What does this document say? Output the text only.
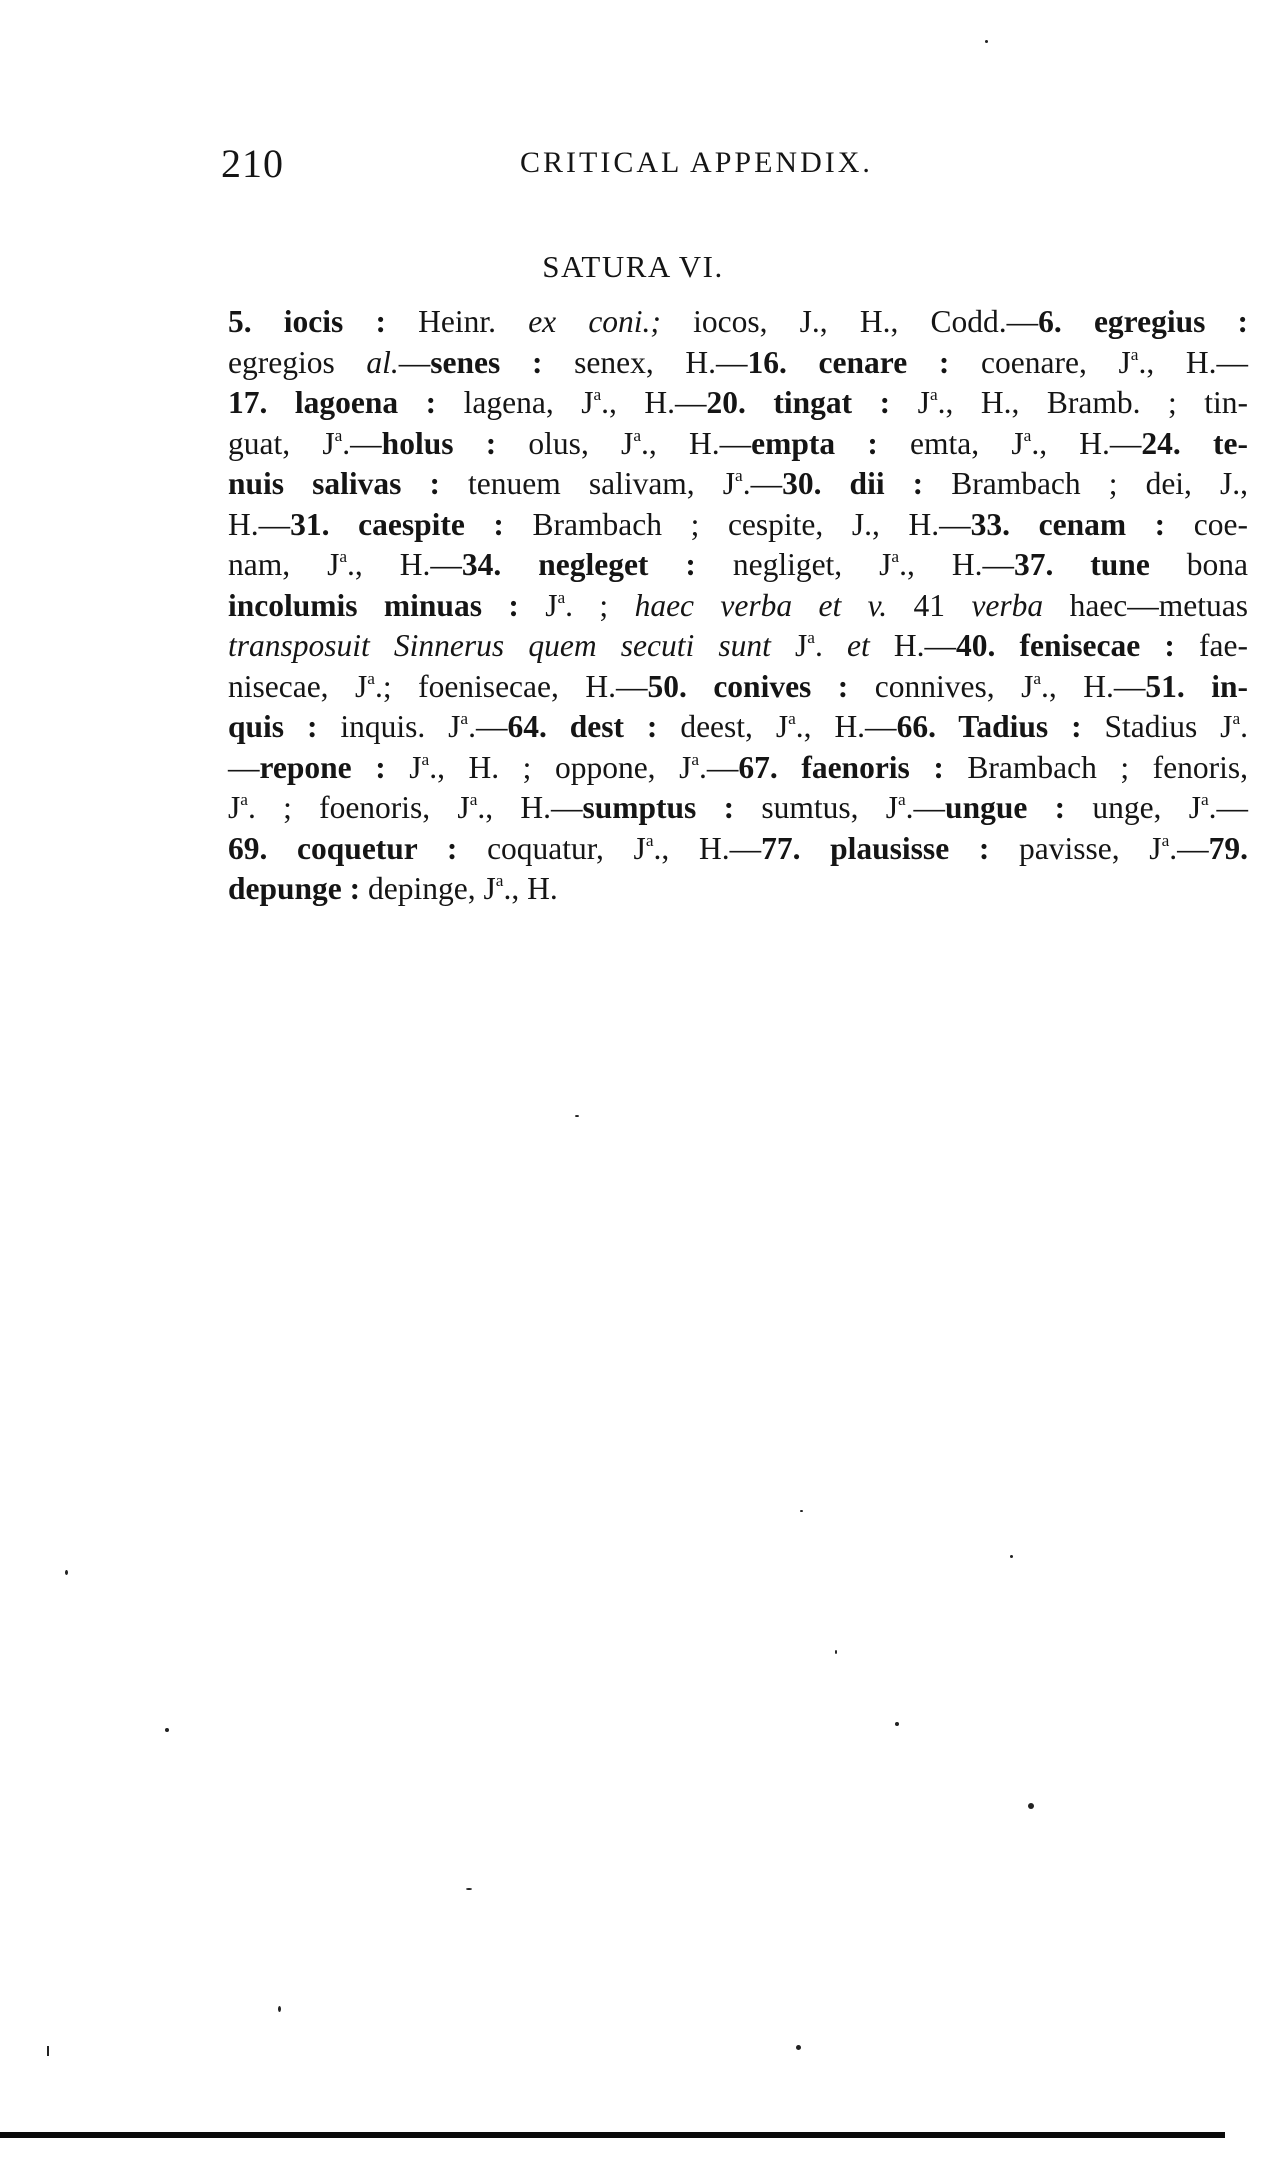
210	CRITICAL APPENDIX.
SATURA VI.
5. iocis : Heinr. ex coni.; iocos, J., H., Codd.—6. egregius :
egregios al.—senes : senex, H.—16. cenare : coenare, $J^a$., H.—
17. lagoena : lagena, $J^a$., H.—20. tingat : $J^a$., H., Bramb. ; tin-
guat, $J^a.—holus$ : olus, $J^a$., H.—empta : emta, $J^a$., H.—24. te-
nuis salivas : tenuem salivam, $J^a.—30$. dii : Brambach ; dei, J.,
H.—31. caespite : Brambach ; cespite, J., H.—33. cenam : coe-
nam, $J^a$., H.—34. negleget : negliget, $J^a$., H.—37. tune bona
incolumis minuas : $J^a$. ; haec verba et v. 41 verba haec—metuas
transposuit Sinnerus quem secuti sunt $J^a$. et H.—40. fenisecae : fae-
nisecae, $J^a$.; foenisecae, H.—50. conives : connives, $J^a$., H.—51. in-
quis : inquis. $J^a.—64$. dest : deest, $J^a$., H.—66. Tadius : Stadius $J^a$.
—repone : $J^a$., H. ; oppone, $J^a.—67$. faenoris : Brambach ; fenoris,
$J^a$. ; foenoris, $J^a$., H.—sumptus : sumtus, $J^a.—ungue$ : unge, $J^a.—$
69. coquetur : coquatur, $J^a$., H.—77. plausisse : pavisse, $J^a.—79$.
depunge : depinge, $J^a$., H.
